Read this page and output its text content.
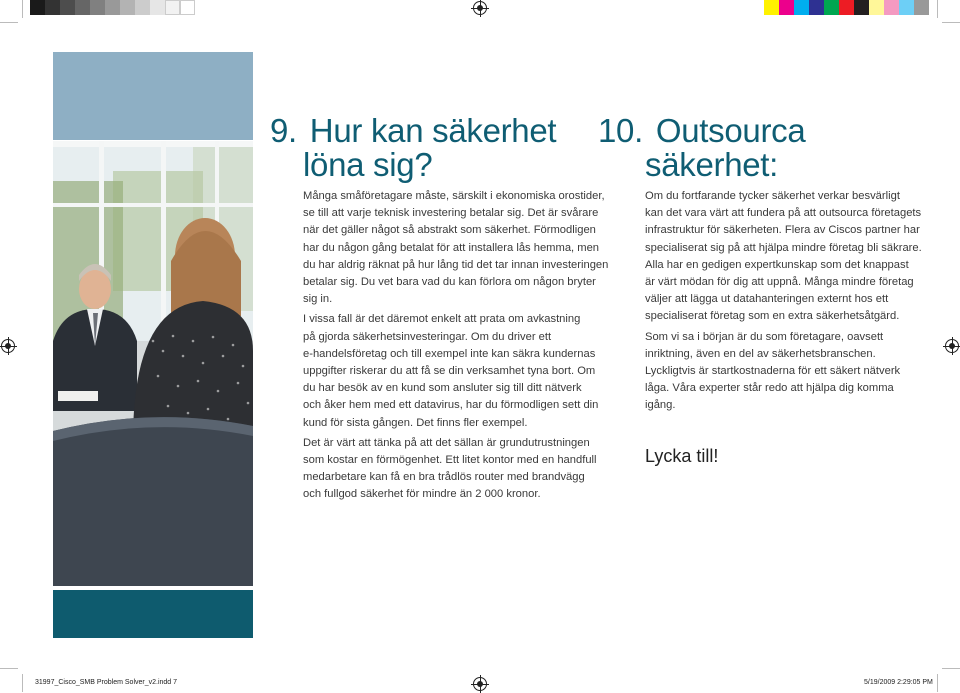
9. Hur kan säkerhet
löna sig?

Många småföretagare måste, särskilt i ekonomiska orostider,
se till att varje teknisk investering betalar sig. Det är svårare
när det gäller något så abstrakt som säkerhet. Förmodligen
har du någon gång betalat för att installera lås hemma, men
du har aldrig räknat på hur lång tid det tar innan investeringen
betalar sig. Du vet bara vad du kan förlora om någon bryter
sig in.

I vissa fall är det däremot enkelt att prata om avkastning
på gjorda säkerhetsinvesteringar. Om du driver ett
e-handelsföretag och till exempel inte kan säkra kundernas
uppgifter riskerar du att få se din verksamhet tyna bort. Om
du har besök av en kund som ansluter sig till ditt nätverk
och åker hem med ett datavirus, har du förmodligen sett din
kund för sista gången. Det finns fler exempel.

Det är värt att tänka på att det sällan är grundutrustningen
som kostar en förmögenhet. Ett litet kontor med en handfull
medarbetare kan få en bra trådlös router med brandvägg
och fullgod säkerhet för mindre än 2 000 kronor.

10. Outsourca
säkerhet:

Om du fortfarande tycker säkerhet verkar besvärligt
kan det vara värt att fundera på att outsourca företagets
infrastruktur för säkerheten. Flera av Ciscos partner har
specialiserat sig på att hjälpa mindre företag bli säkrare.
Alla har en gedigen expertkunskap som det knappast
är värt mödan för dig att uppnå. Många mindre företag
väljer att lägga ut datahanteringen externt hos ett
specialiserat företag som en extra säkerhetsåtgärd.

Som vi sa i början är du som företagare, oavsett
inriktning, även en del av säkerhetsbranschen.
Lyckligtvis är startkostnaderna för ett säkert nätverk
låga. Våra experter står redo att hjälpa dig komma
igång.

Lycka till!
31997_Cisco_SMB Problem Solver_v2.indd 7	5/19/2009 2:29:05 PM
